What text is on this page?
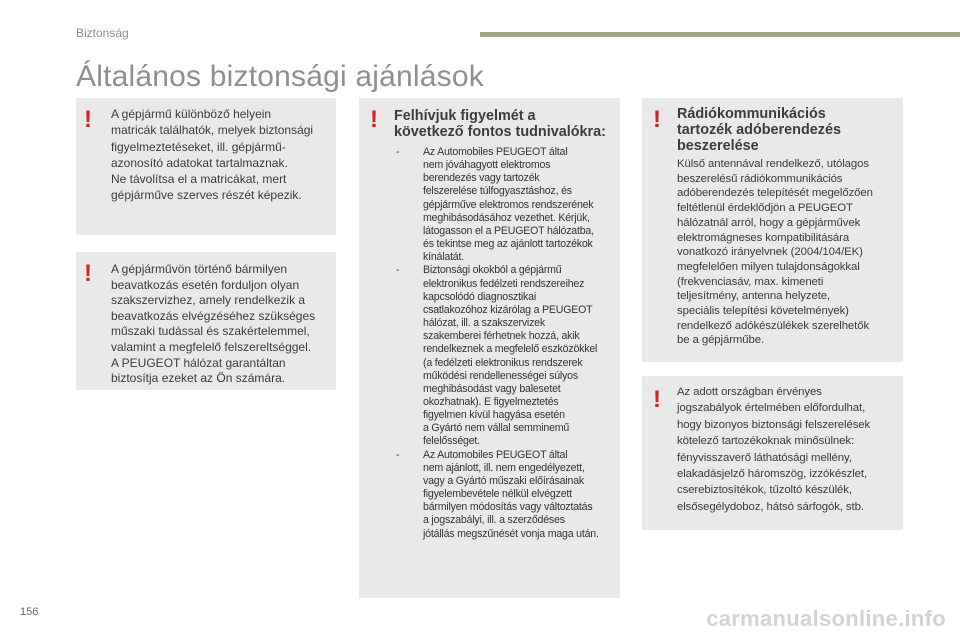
Biztonság
Általános biztonsági ajánlások
! A gépjármű különböző helyein
matricák találhatók, melyek biztonsági
figyelmeztetéseket, ill. gépjármű-
azonosító adatokat tartalmaznak.
Ne távolítsa el a matricákat, mert
gépjárműve szerves részét képezik.
! A gépjárművön történő bármilyen
beavatkozás esetén forduljon olyan
szakszervizhez, amely rendelkezik a
beavatkozás elvégzéséhez szükséges
műszaki tudással és szakértelemmel,
valamint a megfelelő felszereltséggel.
A PEUGEOT hálózat garantáltan
biztosítja ezeket az Ön számára.
! Felhívjuk figyelmét a
következő fontos tudnivalókra:
- Az Automobiles PEUGEOT által
nem jóváhagyott elektromos
berendezés vagy tartozék
felszerelése túlfogyasztáshoz, és
gépjárműve elektromos rendszerének
meghibásodásához vezethet. Kérjük,
látogasson el a PEUGEOT hálózatba,
és tekintse meg az ajánlott tartozékok
kínálatát.
- Biztonsági okokból a gépjármű
elektronikus fedélzeti rendszereihez
kapcsolódó diagnosztikai
csatlakozóhoz kizárólag a PEUGEOT
hálózat, ill. a szakszervizek
szakemberei férhetnek hozzá, akik
rendelkeznek a megfelelő eszközökkel
(a fedélzeti elektronikus rendszerek
működési rendellenességei súlyos
meghibásodást vagy balesetet
okozhatnak). E figyelmeztetés
figyelmen kívül hagyása esetén
a Gyártó nem vállal semminemű
felelősséget.
- Az Automobiles PEUGEOT által
nem ajánlott, ill. nem engedélyezett,
vagy a Gyártó műszaki előírásainak
figyelembevétele nélkül elvégzett
bármilyen módosítás vagy változtatás
a jogszabályi, ill. a szerződéses
jótállás megszűnését vonja maga után.
! Rádiókommunikációs
tartozék adóberendezés
beszerelése
Külső antennával rendelkező, utólagos
beszerelésű rádiókommunikációs
adóberendezés telepítését megelőzően
feltétlenül érdeklődjön a PEUGEOT
hálózatnál arról, hogy a gépjárművek
elektromágneses kompatibilitására
vonatkozó irányelvnek (2004/104/EK)
megfelelően milyen tulajdonságokkal
(frekvenciasáv, max. kimeneti
teljesítmény, antenna helyzete,
speciális telepítési követelmények)
rendelkező adókészülékek szerelhetők
be a gépjárműbe.
! Az adott országban érvényes
jogszabályok értelmében előfordulhat,
hogy bizonyos biztonsági felszerelések
kötelező tartozékoknak minősülnek:
fényvisszaverő láthatósági mellény,
elakadásjelző háromszög, izzókészlet,
cserebiztosítékok, tűzoltó készülék,
elsősegélydoboz, hátsó sárfogók, stb.
156	carmanualsonline.info
